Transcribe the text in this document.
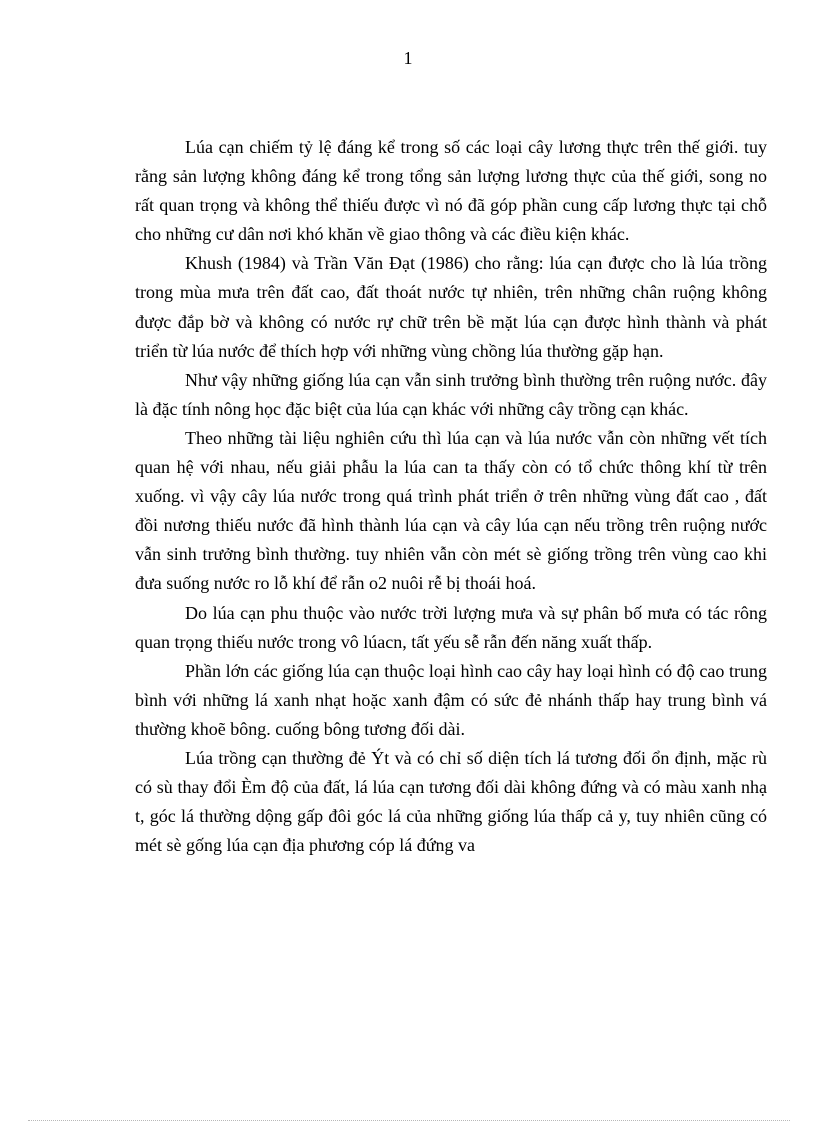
1

Lúa cạn chiếm tỷ lệ đáng kể trong số các loại cây lương thực trên thế giới. tuy rằng sản lượng không đáng kể trong tổng sản lượng lương thực của thế giới, song no rất quan trọng và không thể thiếu được vì nó đã góp phần cung cấp lương thực tại chỗ cho những cư dân nơi khó khăn về giao thông và các điều kiện khác.

Khush (1984) và Trần Văn Đạt (1986) cho rằng: lúa cạn được cho là lúa trồng trong mùa mưa trên đất cao, đất thoát nước tự nhiên, trên những chân ruộng không được đắp bờ và không có nước rự chữ trên bề mặt lúa cạn được hình thành và phát triển từ lúa nước để thích hợp với những vùng chồng lúa thường gặp hạn.

Như vậy những giống lúa cạn vẫn sinh trưởng bình thường trên ruộng nước. đây là đặc tính nông học đặc biệt của lúa cạn khác với những cây trồng cạn khác.

Theo những tài liệu nghiên cứu thì lúa cạn và lúa nước vẫn còn những vết tích quan hệ với nhau, nếu giải phẫu la lúa can ta thấy còn có tổ chức thông khí từ trên xuống. vì vậy cây lúa nước trong quá trình phát triển ở trên những vùng đất cao , đất đồi nương thiếu nước đã hình thành lúa cạn và cây lúa cạn nếu trồng trên ruộng nước vẫn sinh trưởng bình thường. tuy nhiên vẫn còn mét sè giống trồng trên vùng cao khi đưa suống nước ro lỗ khí để rẫn o2 nuôi rễ bị thoái hoá.

Do lúa cạn phu thuộc vào nước trời lượng mưa và sự phân bố mưa có tác rông quan trọng thiếu nước trong vô lúacn, tất yếu sễ rẫn đến năng xuất thấp.

Phần lớn các giống lúa cạn thuộc loại hình cao cây hay loại hình có độ cao trung bình với những lá xanh nhạt hoặc xanh đậm có sức đẻ nhánh thấp hay trung bình vá thường khoẽ bông. cuống bông tương đối dài.

Lúa trồng cạn thường đẻ Ýt và có chỉ số diện tích lá tương đối ổn định, mặc rù có sù thay đổi Èm độ của đất, lá lúa cạn tương đối dài không đứng và có màu xanh nhạ t, góc lá thường dộng gấp đôi góc lá của những giống lúa thấp cả y, tuy nhiên cũng có mét sè gống lúa cạn địa phương cóp lá đứng va
